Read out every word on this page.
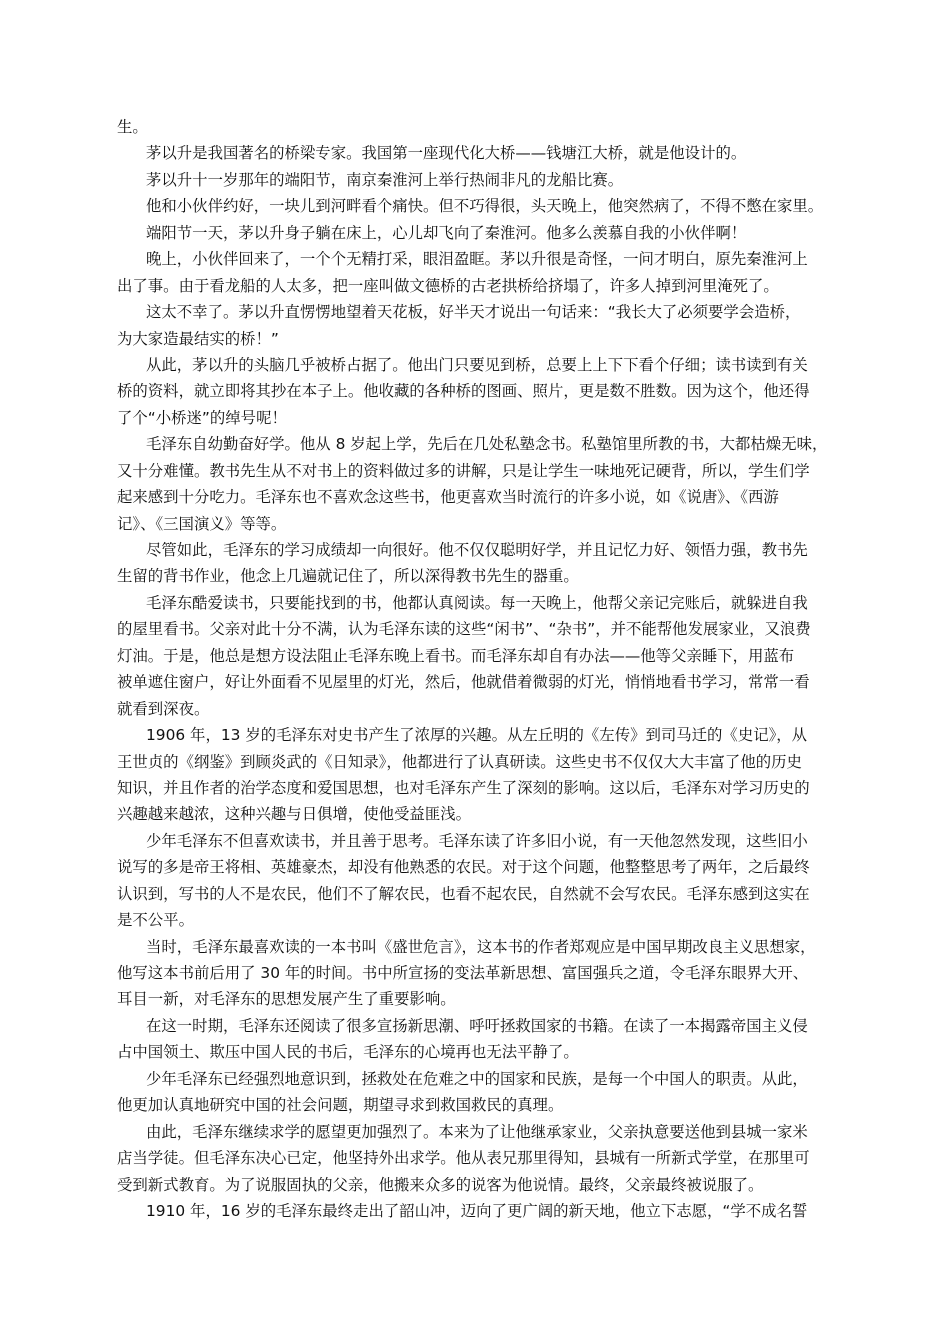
生。
茅以升是我国著名的桥梁专家。我国第一座现代化大桥——钱塘江大桥，就是他设计的。
茅以升十一岁那年的端阳节，南京秦淮河上举行热闹非凡的龙船比赛。
他和小伙伴约好，一块儿到河畔看个痛快。但不巧得很，头天晚上，他突然病了，不得不憋在家里。
端阳节一天，茅以升身子躺在床上，心儿却飞向了秦淮河。他多么羡慕自我的小伙伴啊！
晚上，小伙伴回来了，一个个无精打采，眼泪盈眶。茅以升很是奇怪，一问才明白，原先秦淮河上
出了事。由于看龙船的人太多，把一座叫做文德桥的古老拱桥给挤塌了，许多人掉到河里淹死了。
这太不幸了。茅以升直愣愣地望着天花板，好半天才说出一句话来：“我长大了必须要学会造桥，
为大家造最结实的桥！”
从此，茅以升的头脑几乎被桥占据了。他出门只要见到桥，总要上上下下看个仔细；读书读到有关
桥的资料，就立即将其抄在本子上。他收藏的各种桥的图画、照片，更是数不胜数。因为这个，他还得
了个“小桥迷”的绰号呢！
毛泽东自幼勤奋好学。他从 8 岁起上学，先后在几处私塾念书。私塾馆里所教的书，大都枯燥无味，
又十分难懂。教书先生从不对书上的资料做过多的讲解，只是让学生一味地死记硬背，所以，学生们学
起来感到十分吃力。毛泽东也不喜欢念这些书，他更喜欢当时流行的许多小说，如《说唐》、《西游
记》、《三国演义》等等。
尽管如此，毛泽东的学习成绩却一向很好。他不仅仅聪明好学，并且记忆力好、领悟力强，教书先
生留的背书作业，他念上几遍就记住了，所以深得教书先生的器重。
毛泽东酷爱读书，只要能找到的书，他都认真阅读。每一天晚上，他帮父亲记完账后，就躲进自我
的屋里看书。父亲对此十分不满，认为毛泽东读的这些“闲书”、“杂书”，并不能帮他发展家业，又浪费
灯油。于是，他总是想方设法阻止毛泽东晚上看书。而毛泽东却自有办法——他等父亲睡下，用蓝布
被单遮住窗户，好让外面看不见屋里的灯光，然后，他就借着微弱的灯光，悄悄地看书学习，常常一看
就看到深夜。
1906 年，13 岁的毛泽东对史书产生了浓厚的兴趣。从左丘明的《左传》到司马迁的《史记》，从
王世贞的《纲鉴》到顾炎武的《日知录》，他都进行了认真研读。这些史书不仅仅大大丰富了他的历史
知识，并且作者的治学态度和爱国思想，也对毛泽东产生了深刻的影响。这以后，毛泽东对学习历史的
兴趣越来越浓，这种兴趣与日俱增，使他受益匪浅。
少年毛泽东不但喜欢读书，并且善于思考。毛泽东读了许多旧小说，有一天他忽然发现，这些旧小
说写的多是帝王将相、英雄豪杰，却没有他熟悉的农民。对于这个问题，他整整思考了两年，之后最终
认识到，写书的人不是农民，他们不了解农民，也看不起农民，自然就不会写农民。毛泽东感到这实在
是不公平。
当时，毛泽东最喜欢读的一本书叫《盛世危言》，这本书的作者郑观应是中国早期改良主义思想家，
他写这本书前后用了 30 年的时间。书中所宣扬的变法革新思想、富国强兵之道，令毛泽东眼界大开、
耳目一新，对毛泽东的思想发展产生了重要影响。
在这一时期，毛泽东还阅读了很多宣扬新思潮、呼吁拯救国家的书籍。在读了一本揭露帝国主义侵
占中国领土、欺压中国人民的书后，毛泽东的心境再也无法平静了。
少年毛泽东已经强烈地意识到，拯救处在危难之中的国家和民族，是每一个中国人的职责。从此，
他更加认真地研究中国的社会问题，期望寻求到救国救民的真理。
由此，毛泽东继续求学的愿望更加强烈了。本来为了让他继承家业，父亲执意要送他到县城一家米
店当学徒。但毛泽东决心已定，他坚持外出求学。他从表兄那里得知，县城有一所新式学堂，在那里可
受到新式教育。为了说服固执的父亲，他搬来众多的说客为他说情。最终，父亲最终被说服了。
1910 年，16 岁的毛泽东最终走出了韶山冲，迈向了更广阔的新天地，他立下志愿，“学不成名誓
